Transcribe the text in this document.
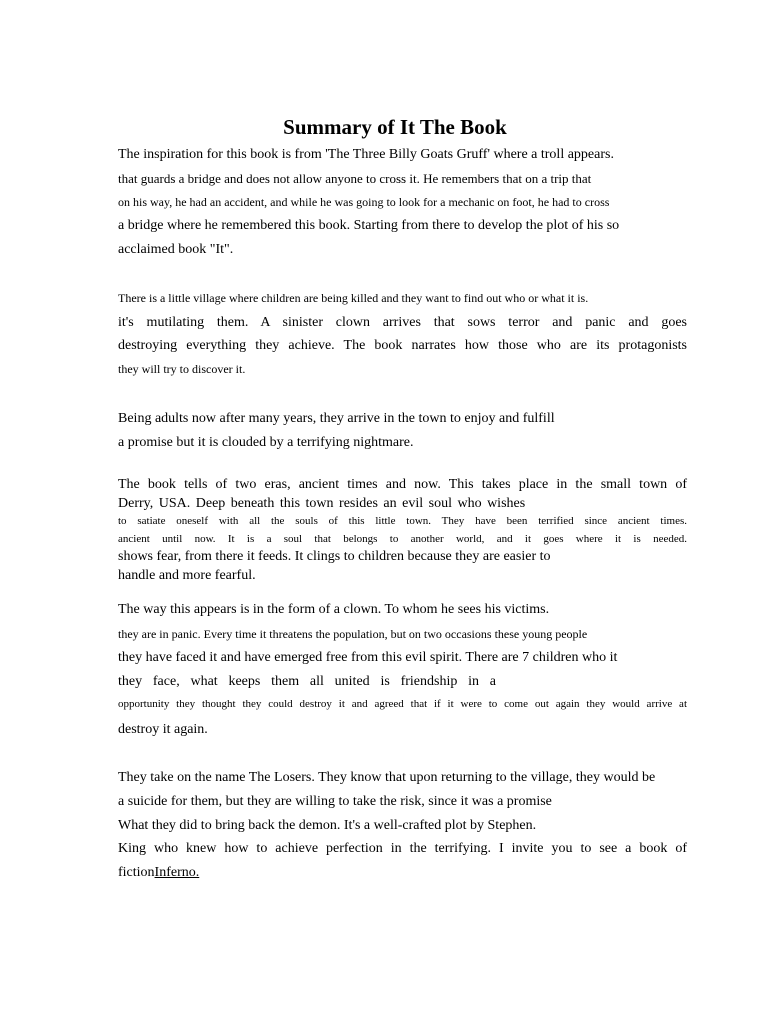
Summary of It The Book
The inspiration for this book is from 'The Three Billy Goats Gruff' where a troll appears.
that guards a bridge and does not allow anyone to cross it. He remembers that on a trip that
on his way, he had an accident, and while he was going to look for a mechanic on foot, he had to cross
a bridge where he remembered this book. Starting from there to develop the plot of his so
acclaimed book "It".
There is a little village where children are being killed and they want to find out who or what it is.
it's mutilating them. A sinister clown arrives that sows terror and panic and goes
destroying everything they achieve. The book narrates how those who are its protagonists
they will try to discover it.
Being adults now after many years, they arrive in the town to enjoy and fulfill
a promise but it is clouded by a terrifying nightmare.
The book tells of two eras, ancient times and now. This takes place in the small town of
Derry, USA. Deep beneath this town resides an evil soul who wishes
to satiate oneself with all the souls of this little town. They have been terrified since ancient times.
ancient until now. It is a soul that belongs to another world, and it goes where it is needed.
shows fear, from there it feeds. It clings to children because they are easier to
handle and more fearful.
The way this appears is in the form of a clown. To whom he sees his victims.
they are in panic. Every time it threatens the population, but on two occasions these young people
they have faced it and have emerged free from this evil spirit. There are 7 children who it
they face, what keeps them all united is friendship in a
opportunity they thought they could destroy it and agreed that if it were to come out again they would arrive at
destroy it again.
They take on the name The Losers. They know that upon returning to the village, they would be
a suicide for them, but they are willing to take the risk, since it was a promise
What they did to bring back the demon. It's a well-crafted plot by Stephen.
King who knew how to achieve perfection in the terrifying. I invite you to see a book of
fictionInferno.
